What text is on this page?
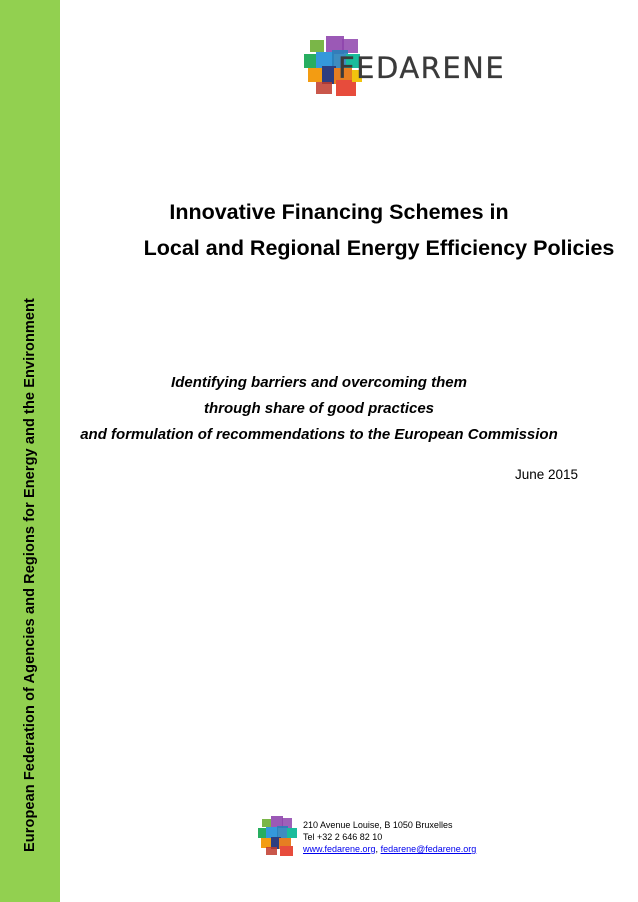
European Federation of Agencies and Regions for Energy and the Environment
FEDARENE
Innovative Financing Schemes in
Local and Regional Energy Efficiency Policies
Identifying barriers and overcoming them
through share of good practices
and formulation of recommendations to the European Commission
June 2015
210 Avenue Louise, B 1050 Bruxelles
Tel +32 2 646 82 10
www.fedarene.org, fedarene@fedarene.org
